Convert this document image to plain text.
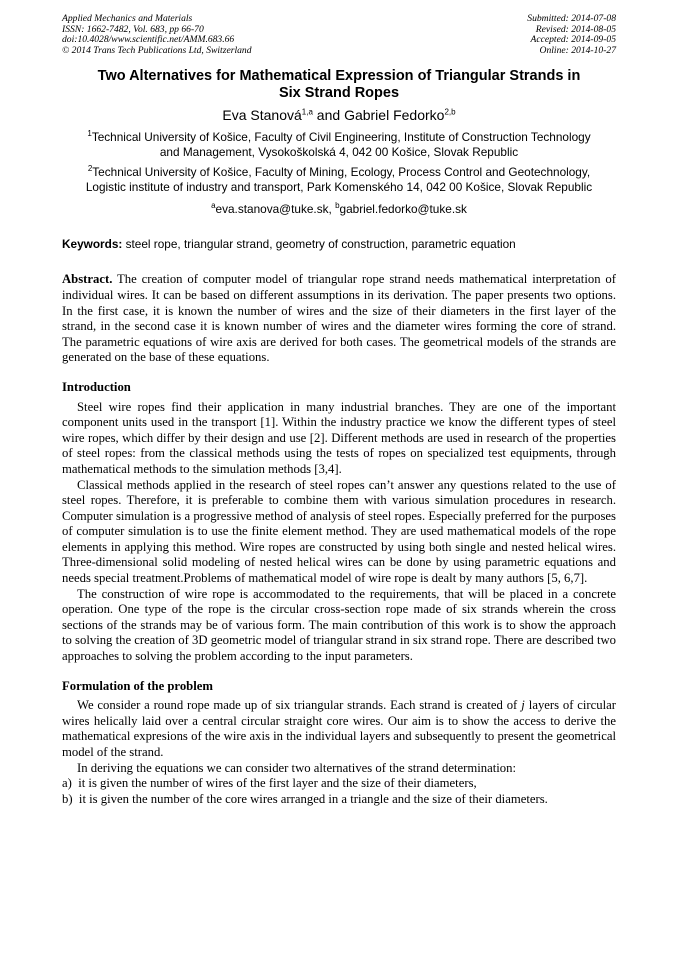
Applied Mechanics and Materials
ISSN: 1662-7482, Vol. 683, pp 66-70
doi:10.4028/www.scientific.net/AMM.683.66
© 2014 Trans Tech Publications Ltd, Switzerland
Submitted: 2014-07-08
Revised: 2014-08-05
Accepted: 2014-09-05
Online: 2014-10-27
Two Alternatives for Mathematical Expression of Triangular Strands in
Six Strand Ropes
Eva Stanová$^{1,a}$ and Gabriel Fedorko$^{2,b}$
$^1$Technical University of Košice, Faculty of Civil Engineering, Institute of Construction Technology
and Management, Vysokoškolská 4, 042 00 Košice, Slovak Republic
$^2$Technical University of Košice, Faculty of Mining, Ecology, Process Control and Geotechnology,
Logistic institute of industry and transport, Park Komenského 14, 042 00 Košice, Slovak Republic
$^a$eva.stanova@tuke.sk, $^b$gabriel.fedorko@tuke.sk
Keywords: steel rope, triangular strand, geometry of construction, parametric equation

Abstract. The creation of computer model of triangular rope strand needs mathematical interpretation of individual wires. It can be based on different assumptions in its derivation. The paper presents two options. In the first case, it is known the number of wires and the size of their diameters in the first layer of the strand, in the second case it is known number of wires and the diameter wires forming the core of strand. The parametric equations of wire axis are derived for both cases. The geometrical models of the strands are generated on the base of these equations.

Introduction

Steel wire ropes find their application in many industrial branches. They are one of the important component units used in the transport [1]. Within the industry practice we know the different types of steel wire ropes, which differ by their design and use [2]. Different methods are used in research of the properties of steel ropes: from the classical methods using the tests of ropes on specialized test equipments, through mathematical methods to the simulation methods [3,4].

Classical methods applied in the research of steel ropes can’t answer any questions related to the use of steel ropes. Therefore, it is preferable to combine them with various simulation procedures in research. Computer simulation is a progressive method of analysis of steel ropes. Especially preferred for the purposes of computer simulation is to use the finite element method. They are used mathematical models of the rope elements in applying this method. Wire ropes are constructed by using both single and nested helical wires. Three-dimensional solid modeling of nested helical wires can be done by using parametric equations and needs special treatment.Problems of mathematical model of wire rope is dealt by many authors [5, 6,7].

The construction of wire rope is accommodated to the requirements, that will be placed in a concrete operation. One type of the rope is the circular cross-section rope made of six strands wherein the cross sections of the strands may be of various form. The main contribution of this work is to show the approach to solving the creation of 3D geometric model of triangular strand in six strand rope. There are described two approaches to solving the problem according to the input parameters.

Formulation of the problem

We consider a round rope made up of six triangular strands. Each strand is created of j layers of circular wires helically laid over a central circular straight core wires. Our aim is to show the access to derive the mathematical expresions of the wire axis in the individual layers and subsequently to present the geometrical model of the strand.

In deriving the equations we can consider two alternatives of the strand determination:

a)  it is given the number of wires of the first layer and the size of their diameters,
b)  it is given the number of the core wires arranged in a triangle and the size of their diameters.
